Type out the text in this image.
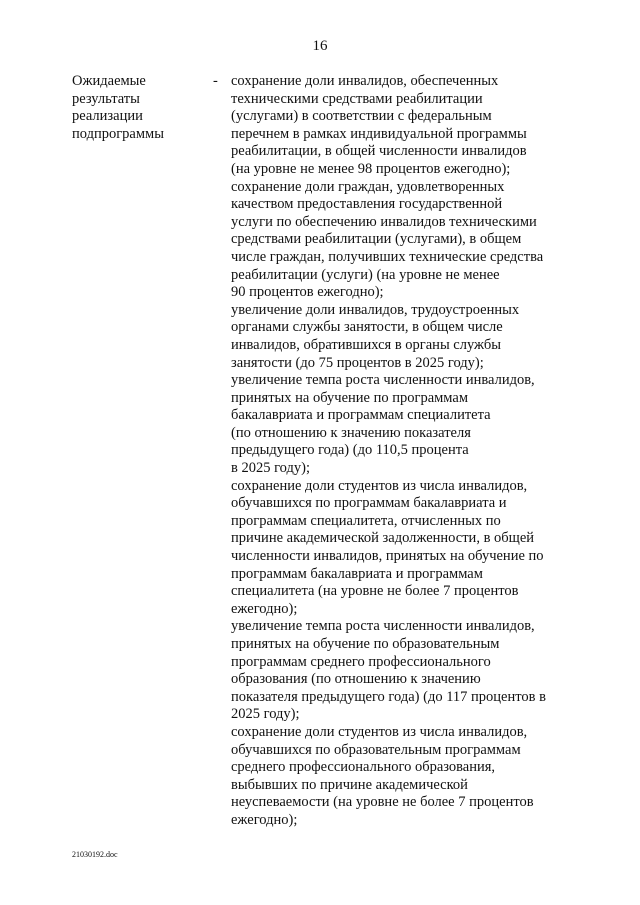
16
Ожидаемые
результаты
реализации
подпрограммы
- сохранение доли инвалидов, обеспеченных
техническими средствами реабилитации
(услугами) в соответствии с федеральным
перечнем в рамках индивидуальной программы
реабилитации, в общей численности инвалидов
(на уровне не менее 98 процентов ежегодно);
сохранение доли граждан, удовлетворенных
качеством предоставления государственной
услуги по обеспечению инвалидов техническими
средствами реабилитации (услугами), в общем
числе граждан, получивших технические средства
реабилитации (услуги) (на уровне не менее
90 процентов ежегодно);
увеличение доли инвалидов, трудоустроенных
органами службы занятости, в общем числе
инвалидов, обратившихся в органы службы
занятости (до 75 процентов в 2025 году);
увеличение темпа роста численности инвалидов,
принятых на обучение по программам
бакалавриата и программам специалитета
(по отношению к значению показателя
предыдущего года) (до 110,5 процента
в 2025 году);
сохранение доли студентов из числа инвалидов,
обучавшихся по программам бакалавриата и
программам специалитета, отчисленных по
причине академической задолженности, в общей
численности инвалидов, принятых на обучение по
программам бакалавриата и программам
специалитета (на уровне не более 7 процентов
ежегодно);
увеличение темпа роста численности инвалидов,
принятых на обучение по образовательным
программам среднего профессионального
образования (по отношению к значению
показателя предыдущего года) (до 117 процентов в
2025 году);
сохранение доли студентов из числа инвалидов,
обучавшихся по образовательным программам
среднего профессионального образования,
выбывших по причине академической
неуспеваемости (на уровне не более 7 процентов
ежегодно);
21030192.doc
